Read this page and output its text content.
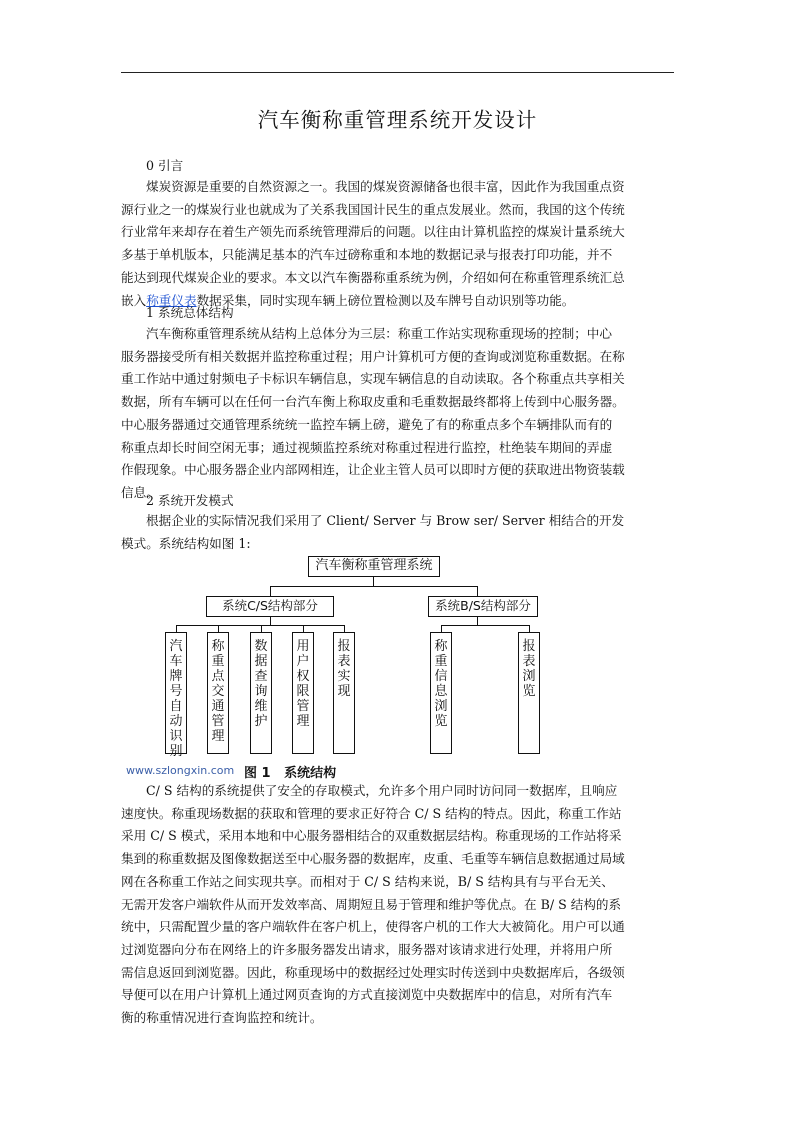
汽车衡称重管理系统开发设计

0 引言

煤炭资源是重要的自然资源之一。我国的煤炭资源储备也很丰富，因此作为我国重点资
源行业之一的煤炭行业也就成为了关系我国国计民生的重点发展业。然而，我国的这个传统
行业常年来却存在着生产领先而系统管理滞后的问题。以往由计算机监控的煤炭计量系统大
多基于单机版本，只能满足基本的汽车过磅称重和本地的数据记录与报表打印功能，并不
能达到现代煤炭企业的要求。本文以汽车衡器称重系统为例，介绍如何在称重管理系统汇总
嵌入称重仪表数据采集，同时实现车辆上磅位置检测以及车牌号自动识别等功能。

1 系统总体结构

汽车衡称重管理系统从结构上总体分为三层：称重工作站实现称重现场的控制；中心
服务器接受所有相关数据并监控称重过程；用户计算机可方便的查询或浏览称重数据。在称
重工作站中通过射频电子卡标识车辆信息，实现车辆信息的自动读取。各个称重点共享相关
数据，所有车辆可以在任何一台汽车衡上称取皮重和毛重数据最终都将上传到中心服务器。
中心服务器通过交通管理系统统一监控车辆上磅，避免了有的称重点多个车辆排队而有的
称重点却长时间空闲无事；通过视频监控系统对称重过程进行监控，杜绝装车期间的弄虚
作假现象。中心服务器企业内部网相连，让企业主管人员可以即时方便的获取进出物资装载
信息。

2 系统开发模式

根据企业的实际情况我们采用了 Client/ Server 与 Brow ser/ Server 相结合的开发
模式。系统结构如图 1:
汽车衡称重管理系统
系统C/S结构部分	系统B/S结构部分
汽车牌号自动识别
称重点交通管理
数据查询维护
用户权限管理
报表实现
称重信息浏览
报表浏览
www.szlongxin.com 图 1   系统结构
C/ S 结构的系统提供了安全的存取模式，允许多个用户同时访问同一数据库，且响应
速度快。称重现场数据的获取和管理的要求正好符合 C/ S 结构的特点。因此，称重工作站
采用 C/ S 模式，采用本地和中心服务器相结合的双重数据层结构。称重现场的工作站将采
集到的称重数据及图像数据送至中心服务器的数据库，皮重、毛重等车辆信息数据通过局域
网在各称重工作站之间实现共享。而相对于 C/ S 结构来说，B/ S 结构具有与平台无关、
无需开发客户端软件从而开发效率高、周期短且易于管理和维护等优点。在 B/ S 结构的系
统中，只需配置少量的客户端软件在客户机上，使得客户机的工作大大被简化。用户可以通
过浏览器向分布在网络上的许多服务器发出请求，服务器对该请求进行处理，并将用户所
需信息返回到浏览器。因此，称重现场中的数据经过处理实时传送到中央数据库后，各级领
导便可以在用户计算机上通过网页查询的方式直接浏览中央数据库中的信息，对所有汽车
衡的称重情况进行查询监控和统计。
